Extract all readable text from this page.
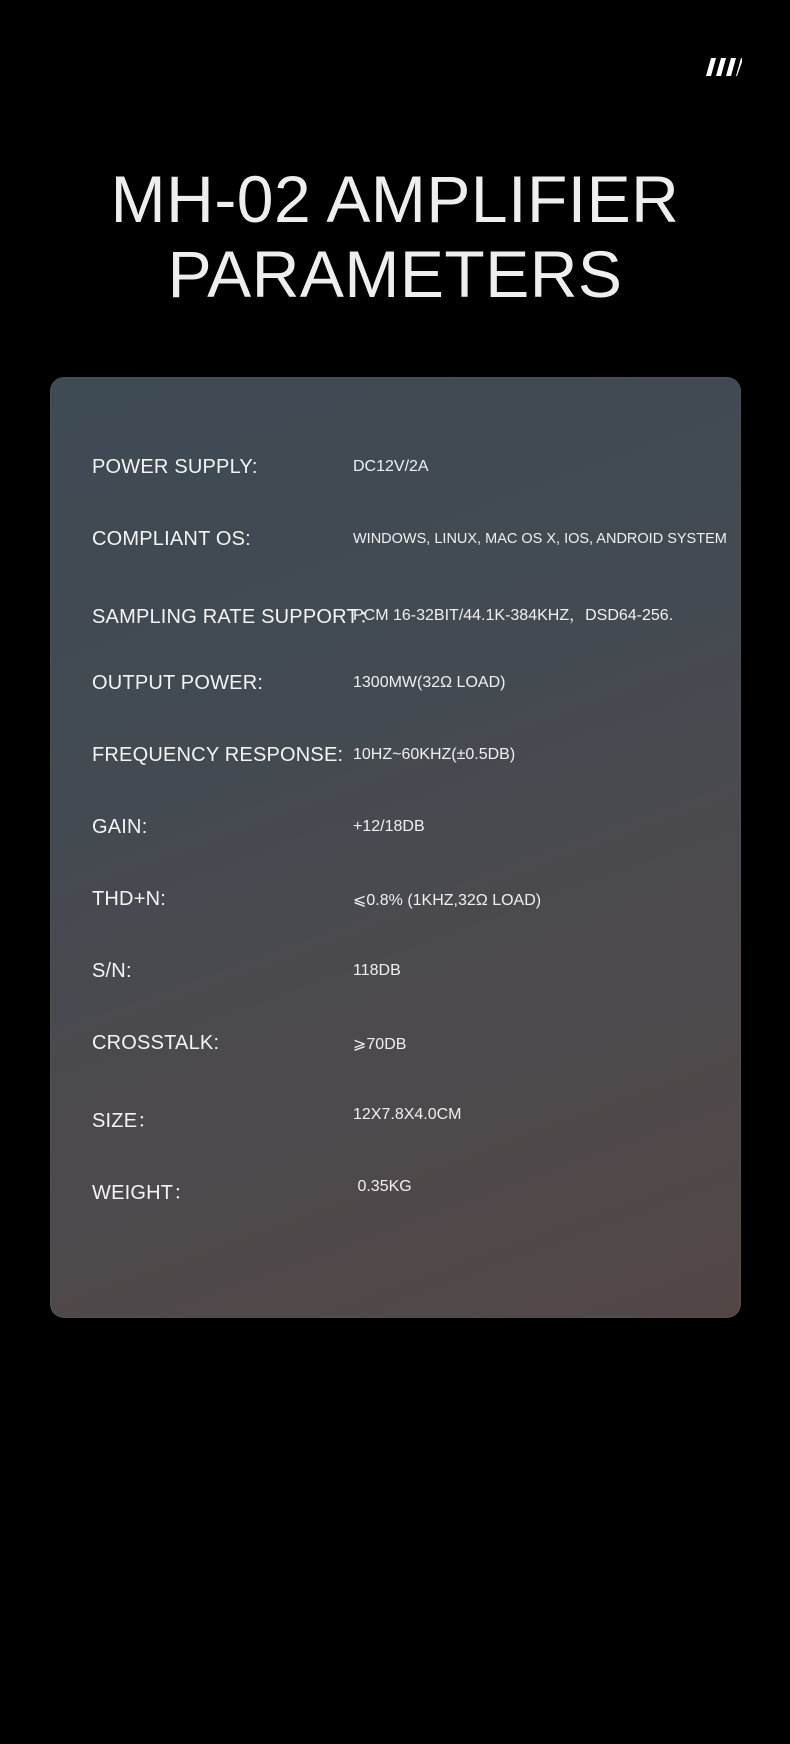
MH-02 AMPLIFIER
PARAMETERS
POWER SUPPLY:	DC12V/2A
COMPLIANT OS:	WINDOWS, LINUX, MAC OS X, IOS, ANDROID SYSTEM
SAMPLING RATE SUPPORT：
PCM 16-32BIT/44.1K-384KHZ，DSD64-256.
OUTPUT POWER:	1300MW(32Ω LOAD)
FREQUENCY RESPONSE: 10HZ~60KHZ(±0.5DB)
GAIN:	+12/18DB
THD+N:	⩽0.8% (1KHZ,32Ω LOAD)
S/N:	118DB
CROSSTALK:	⩾70DB
SIZE：	12X7.8X4.0CM
WEIGHT：	0.35KG
